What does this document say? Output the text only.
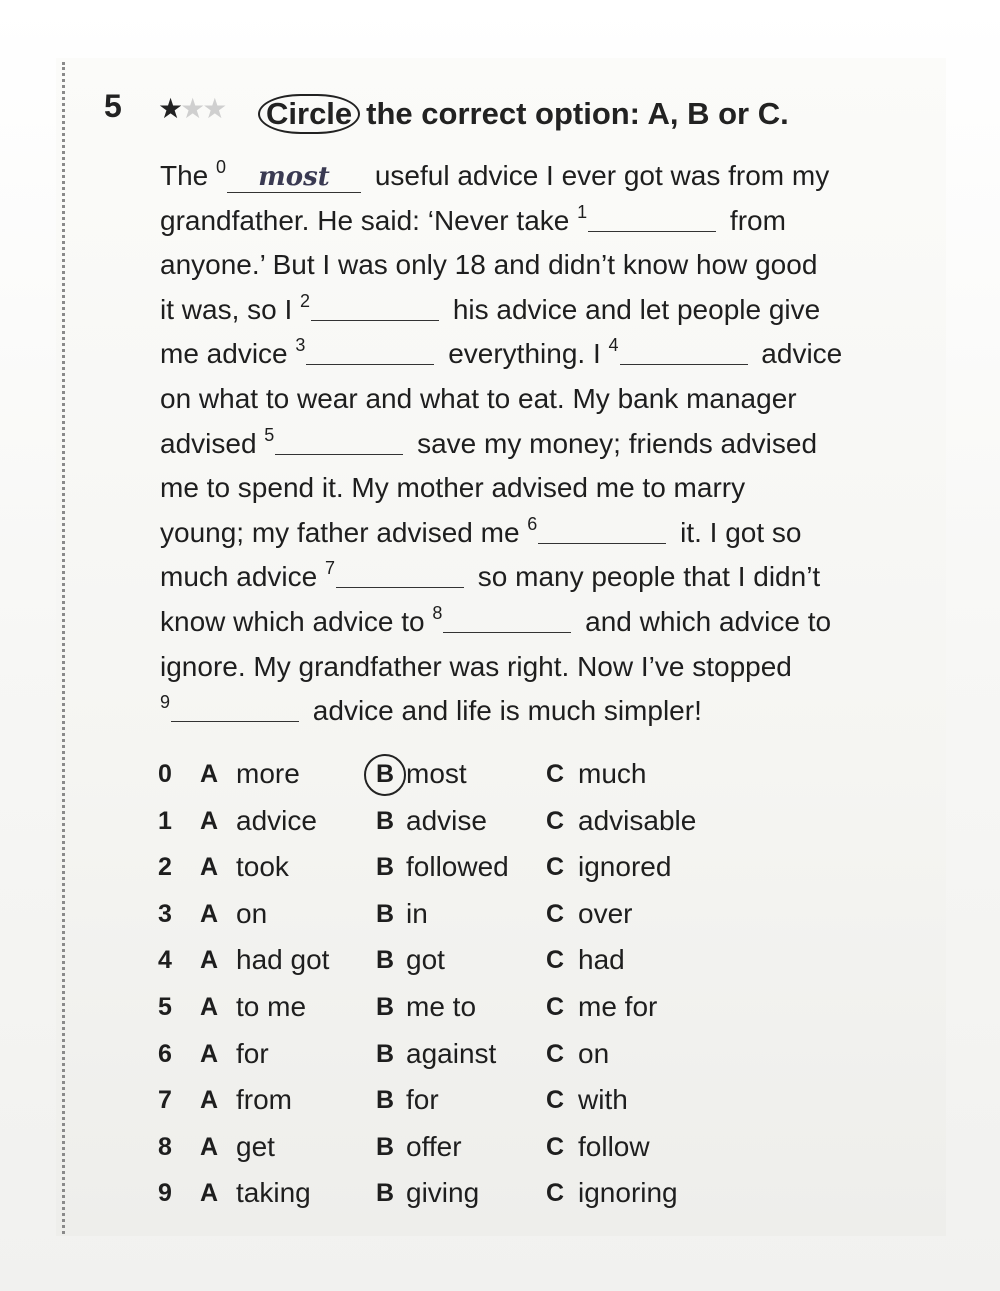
5 ★★★ Circle the correct option: A, B or C.
The $^0$ most useful advice I ever got was from my
grandfather. He said: ‘Never take $^1$	from
anyone.’ But I was only 18 and didn’t know how good
it was, so I $^2$	his advice and let people give
me advice $^3$	everything. I $^4$	advice
on what to wear and what to eat. My bank manager
advised $^5$	save my money; friends advised
me to spend it. My mother advised me to marry
young; my father advised me $^6$	it. I got so
much advice $^7$	so many people that I didn’t
know which advice to $^8$	and which advice to
ignore. My grandfather was right. Now I’ve stopped
$^9$	advice and life is much simpler!
0 A more	B most	C much
1 A advice B advise C advisable
2 A took	B followed C ignored
3 A on	B in	C over
4 A had got B got	C had
5 A to me	B me to	C me for
6 A for	B against C on
7 A from	B for	C with
8 A get	B offer	C follow
9 A taking	B giving	C ignoring
